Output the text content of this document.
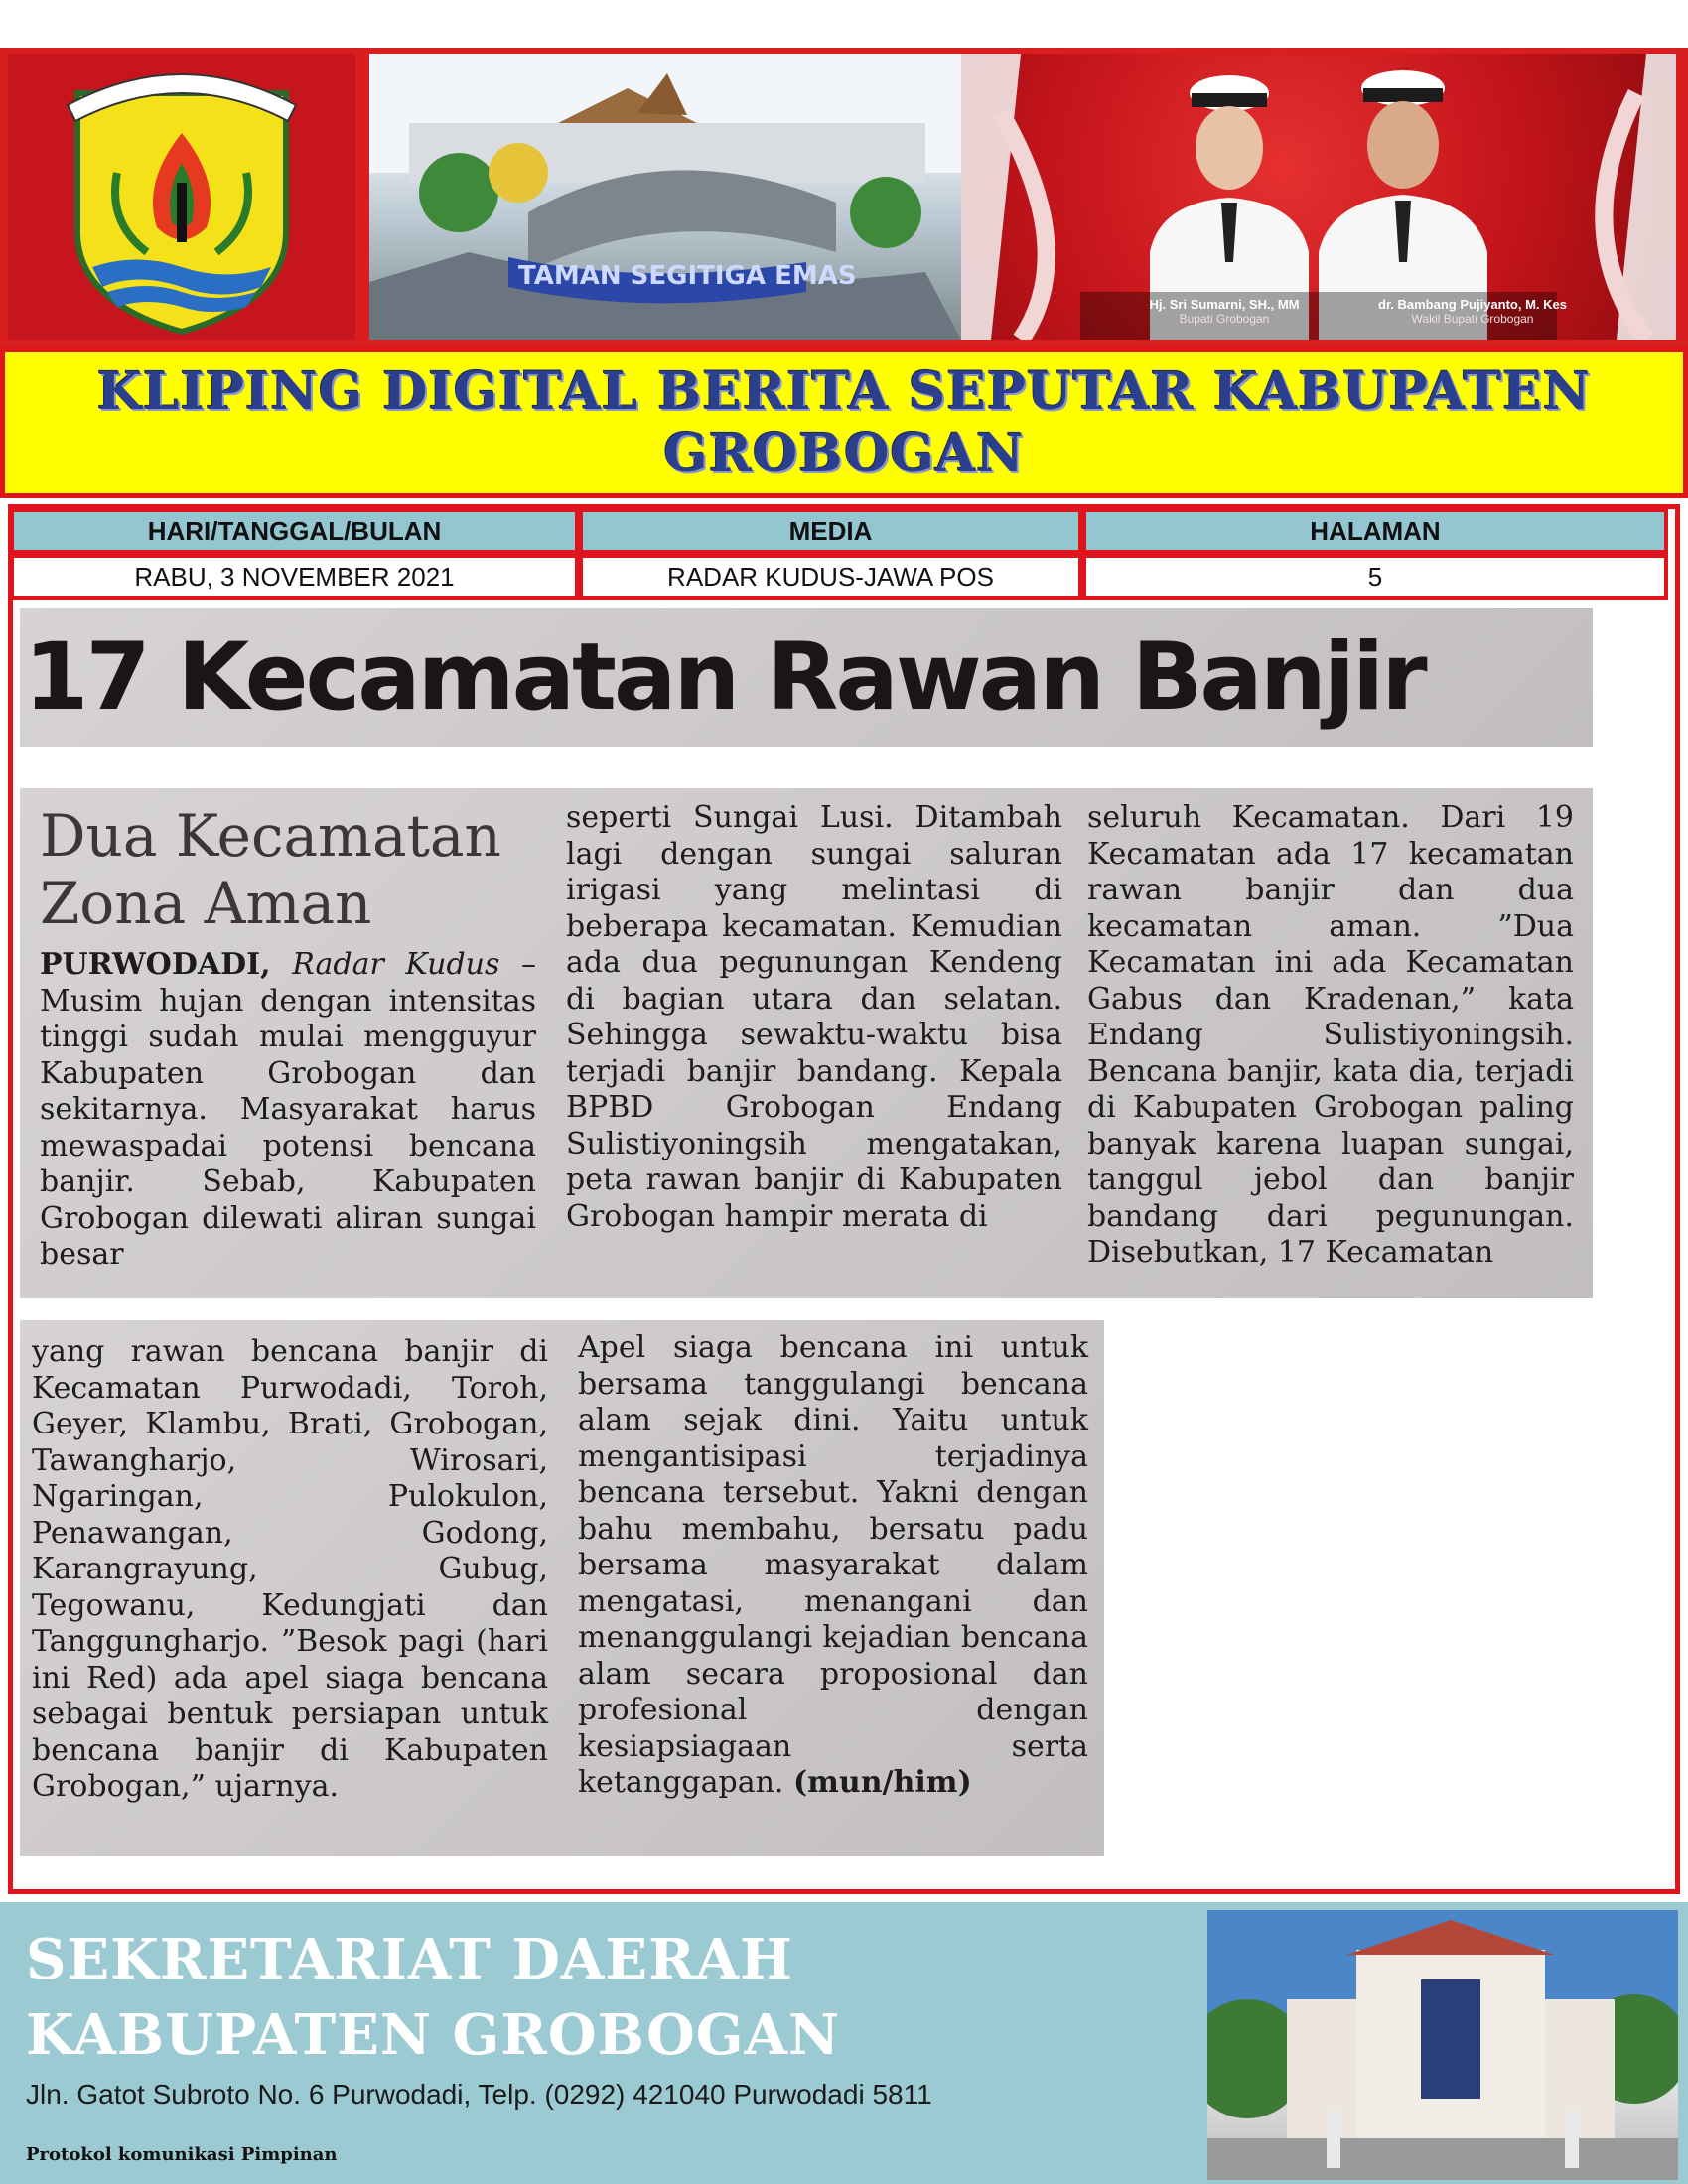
TAMAN SEGITIGA EMAS
Hj. Sri Sumarni, SH., MM
Bupati Grobogan
dr. Bambang Pujiyanto, M. Kes
Wakil Bupati Grobogan
KLIPING DIGITAL BERITA SEPUTAR KABUPATEN GROBOGAN
HARI/TANGGAL/BULAN	MEDIA	HALAMAN
RABU, 3 NOVEMBER 2021	RADAR KUDUS-JAWA POS	5
17 Kecamatan Rawan Banjir
Dua Kecamatan
Zona Aman
PURWODADI, Radar Kudus – Musim hujan dengan intensitas tinggi sudah mulai mengguyur Kabupaten Grobogan dan sekitarnya. Masyarakat harus mewaspadai potensi bencana banjir. Sebab, Kabupaten Grobogan dilewati aliran sungai besar
seperti Sungai Lusi. Ditambah lagi dengan sungai saluran irigasi yang melintasi di beberapa kecamatan. Kemudian ada dua pegunungan Kendeng di bagian utara dan selatan. Sehingga sewaktu-waktu bisa terjadi banjir bandang. Kepala BPBD Grobogan Endang Sulistiyoningsih mengatakan, peta rawan banjir di Kabupaten Grobogan hampir merata di
seluruh Kecamatan. Dari 19 Kecamatan ada 17 kecamatan rawan banjir dan dua kecamatan aman. ”Dua Kecamatan ini ada Kecamatan Gabus dan Kradenan,” kata Endang Sulistiyoningsih. Bencana banjir, kata dia, terjadi di Kabupaten Grobogan paling banyak karena luapan sungai, tanggul jebol dan banjir bandang dari pegunungan. Disebutkan, 17 Kecamatan
yang rawan bencana banjir di Kecamatan Purwodadi, Toroh, Geyer, Klambu, Brati, Grobogan, Tawangharjo, Wirosari, Ngaringan, Pulokulon, Penawangan, Godong, Karangrayung, Gubug, Tegowanu, Kedungjati dan Tanggungharjo. ”Besok pagi (hari ini Red) ada apel siaga bencana sebagai bentuk persiapan untuk bencana banjir di Kabupaten Grobogan,” ujarnya.
Apel siaga bencana ini untuk bersama tanggulangi bencana alam sejak dini. Yaitu untuk mengantisipasi terjadinya bencana tersebut. Yakni dengan bahu membahu, bersatu padu bersama masyarakat dalam mengatasi, menangani dan menanggulangi kejadian bencana alam secara proposional dan profesional dengan kesiapsiagaan serta ketanggapan. (mun/him)
SEKRETARIAT DAERAH KABUPATEN GROBOGAN
Jln. Gatot Subroto No. 6 Purwodadi, Telp. (0292) 421040 Purwodadi 5811
Protokol komunikasi Pimpinan
